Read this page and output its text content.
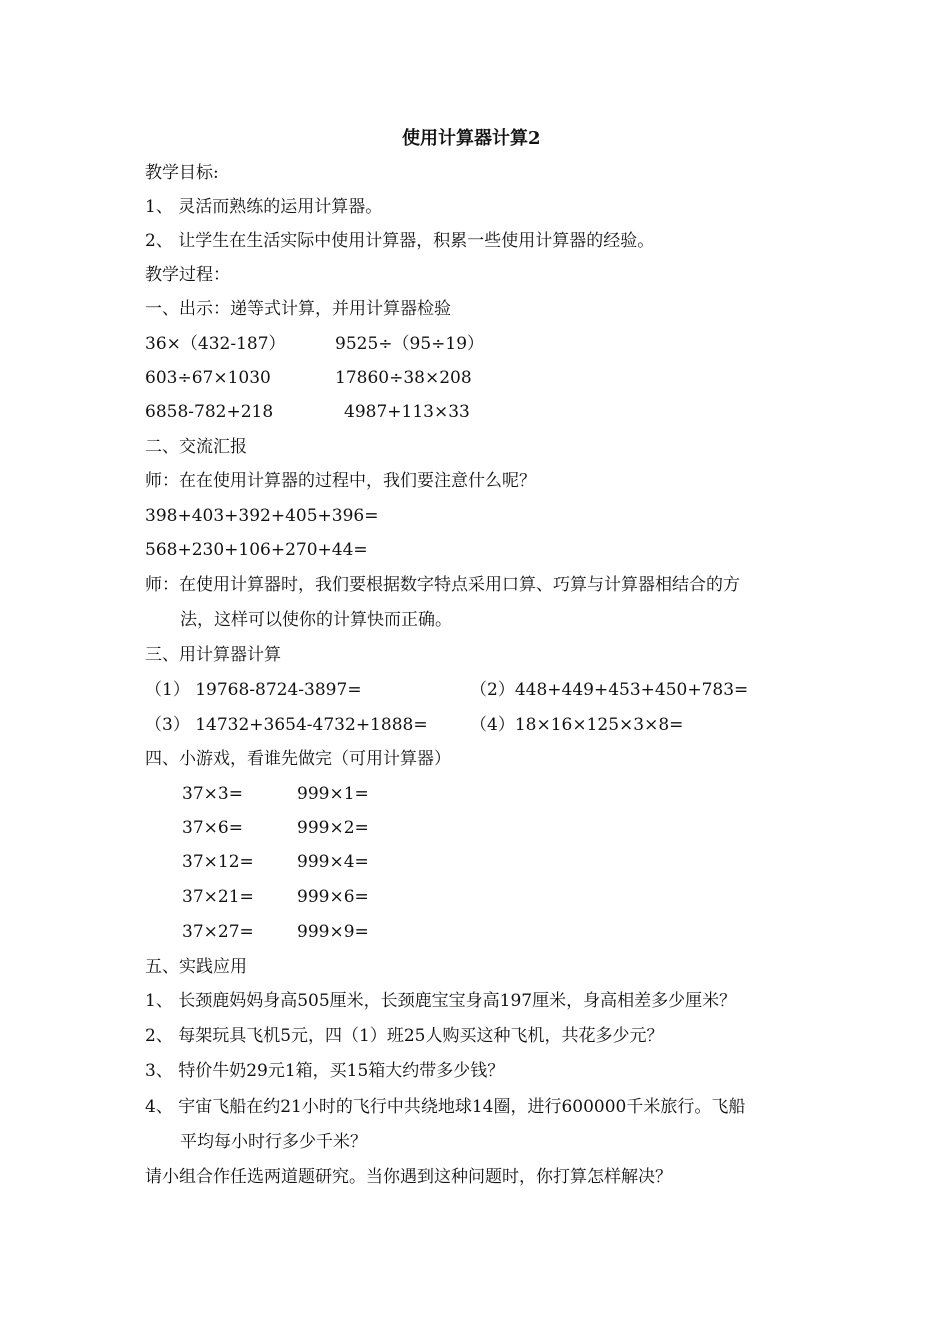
使用计算器计算2
教学目标:
1、 灵活而熟练的运用计算器。
2、 让学生在生活实际中使用计算器，积累一些使用计算器的经验。
教学过程：
一、出示：递等式计算，并用计算器检验
36×（432-187）	9525÷（95÷19）
603÷67×1030	17860÷38×208
6858-782+218	4987+113×33
二、交流汇报
师：在在使用计算器的过程中，我们要注意什么呢？
398+403+392+405+396=
568+230+106+270+44=
师：在使用计算器时，我们要根据数字特点采用口算、巧算与计算器相结合的方
法，这样可以使你的计算快而正确。
三、用计算器计算
（1） 19768-8724-3897=	（2）448+449+453+450+783=
（3） 14732+3654-4732+1888= （4）18×16×125×3×8=
四、小游戏，看谁先做完（可用计算器）
37×3=	999×1=
37×6=	999×2=
37×12=	999×4=
37×21=	999×6=
37×27=	999×9=
五、实践应用
1、 长颈鹿妈妈身高505厘米，长颈鹿宝宝身高197厘米，身高相差多少厘米？
2、 每架玩具飞机5元，四（1）班25人购买这种飞机，共花多少元？
3、 特价牛奶29元1箱，买15箱大约带多少钱？
4、 宇宙飞船在约21小时的飞行中共绕地球14圈，进行600000千米旅行。飞船
平均每小时行多少千米？
请小组合作任选两道题研究。当你遇到这种问题时，你打算怎样解决？
